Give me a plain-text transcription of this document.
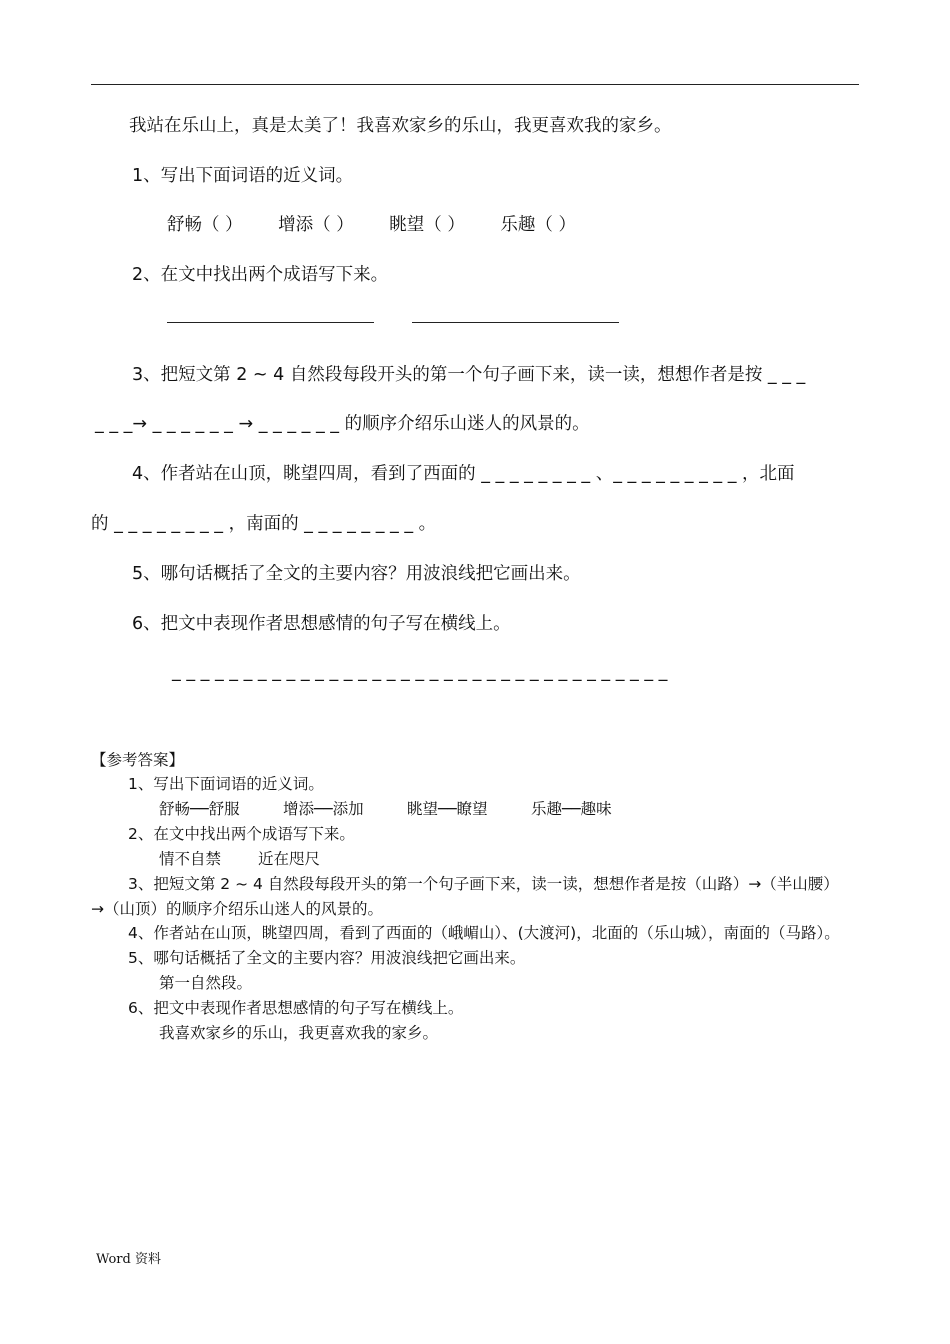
我站在乐山上，真是太美了！我喜欢家乡的乐山，我更喜欢我的家乡。
1、写出下面词语的近义词。
舒畅（ ） 增添（ ） 眺望（ ） 乐趣（ ）
2、在文中找出两个成语写下来。
3、把短文第 2 ~ 4 自然段每段开头的第一个句子画下来，读一读，想想作者是按 _ _ _
_ _ _→ _ _ _ _ _ _ → _ _ _ _ _ _ 的顺序介绍乐山迷人的风景的。
4、作者站在山顶，眺望四周，看到了西面的 _ _ _ _ _ _ _ _ 、_ _ _ _ _ _ _ _ _ ，北面
的 _ _ _ _ _ _ _ _ ，南面的 _ _ _ _ _ _ _ _ 。
5、哪句话概括了全文的主要内容？用波浪线把它画出来。
6、把文中表现作者思想感情的句子写在横线上。
_ _ _ _ _ _ _ _ _ _ _ _ _ _ _ _ _ _ _ _ _ _ _ _ _ _ _ _ _ _ _ _ _ _ _
【参考答案】
1、写出下面词语的近义词。
舒畅──舒服	增添──添加	眺望──瞭望	乐趣──趣味
2、在文中找出两个成语写下来。
情不自禁 近在咫尺
3、把短文第 2 ~ 4 自然段每段开头的第一个句子画下来，读一读，想想作者是按（山路）→（半山腰）
→（山顶）的顺序介绍乐山迷人的风景的。
4、作者站在山顶，眺望四周，看到了西面的（峨嵋山）、(大渡河)，北面的（乐山城），南面的（马路）。
5、哪句话概括了全文的主要内容？用波浪线把它画出来。
第一自然段。
6、把文中表现作者思想感情的句子写在横线上。
我喜欢家乡的乐山，我更喜欢我的家乡。
Word 资料
